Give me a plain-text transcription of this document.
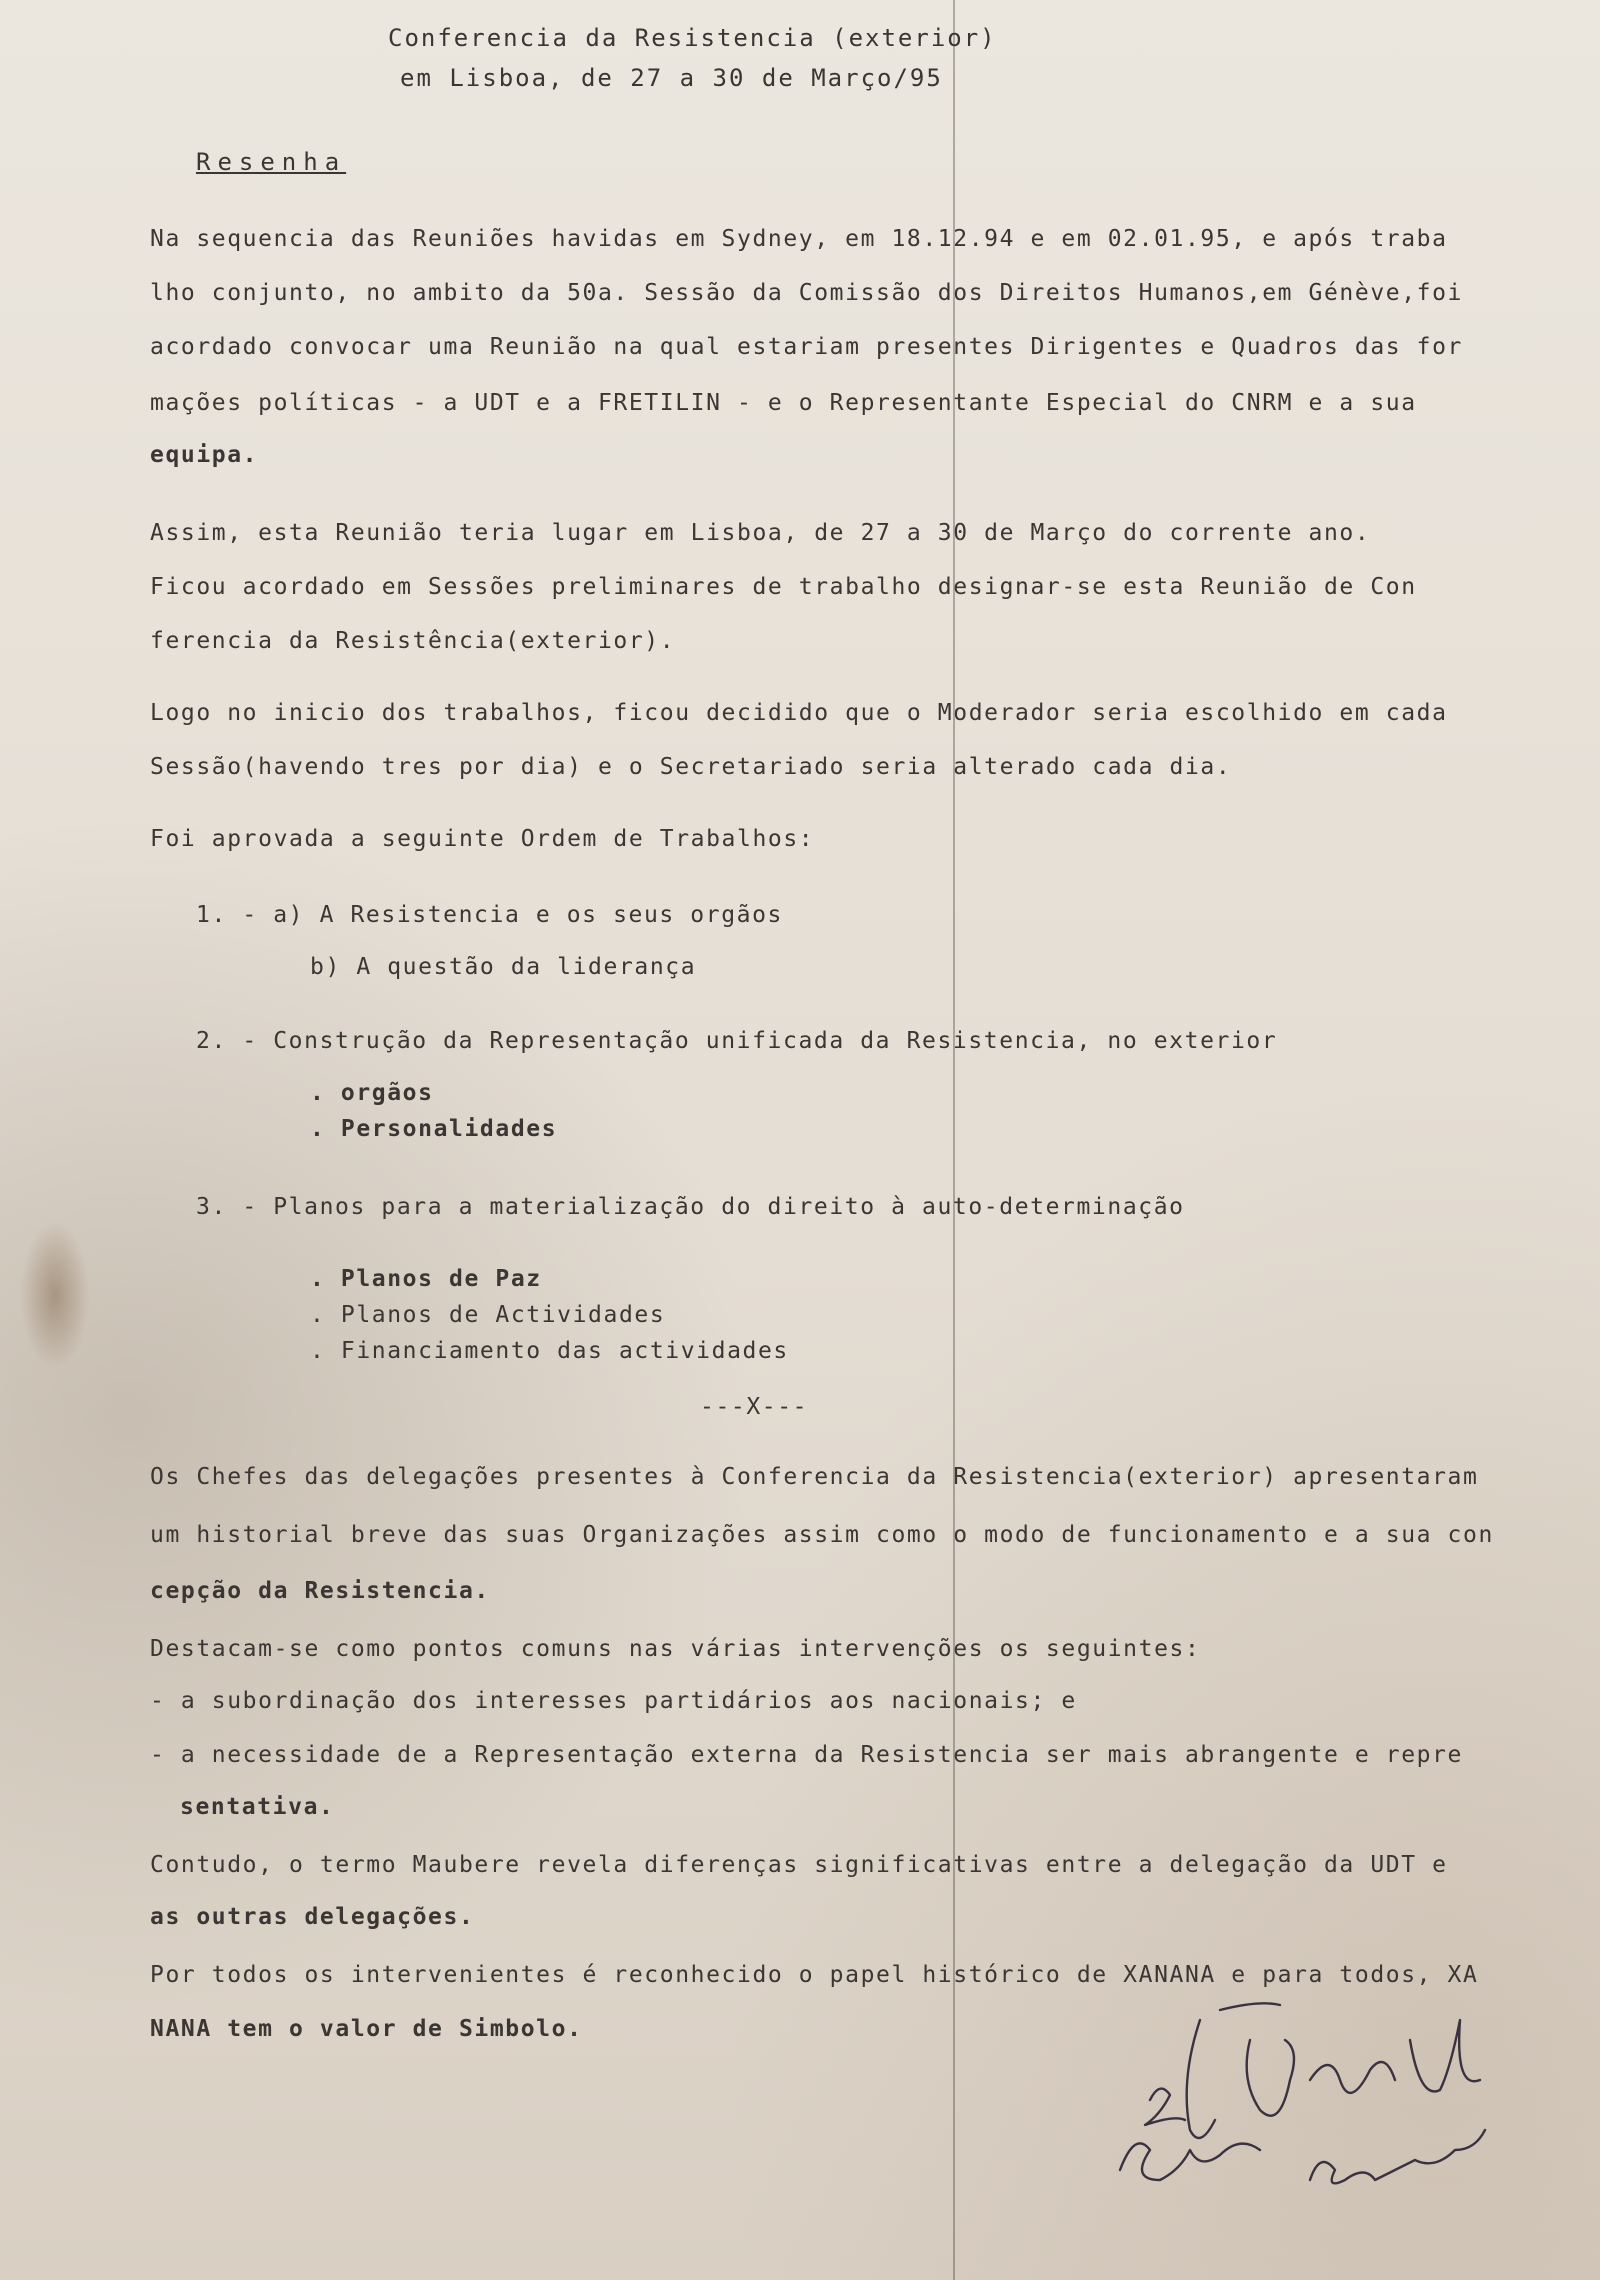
Conferencia da Resistencia (exterior)
em Lisboa, de 27 a 30 de Março/95
Resenha
Na sequencia das Reuniões havidas em Sydney, em 18.12.94 e em 02.01.95, e após traba
lho conjunto, no ambito da 50a. Sessão da Comissão dos Direitos Humanos,em Génève,foi
acordado convocar uma Reunião na qual estariam presentes Dirigentes e Quadros das for
mações políticas - a UDT e a FRETILIN - e o Representante Especial do CNRM e a sua
equipa.
Assim, esta Reunião teria lugar em Lisboa, de 27 a 30 de Março do corrente ano.
Ficou acordado em Sessões preliminares de trabalho designar-se esta Reunião de Con
ferencia da Resistência(exterior).
Logo no inicio dos trabalhos, ficou decidido que o Moderador seria escolhido em cada
Sessão(havendo tres por dia) e o Secretariado seria alterado cada dia.
Foi aprovada a seguinte Ordem de Trabalhos:
1. - a) A Resistencia e os seus orgãos
b) A questão da liderança
2. - Construção da Representação unificada da Resistencia, no exterior
. orgãos
. Personalidades
3. - Planos para a materialização do direito à auto-determinação
. Planos de Paz
. Planos de Actividades
. Financiamento das actividades
---X---
Os Chefes das delegações presentes à Conferencia da Resistencia(exterior) apresentaram
um historial breve das suas Organizações assim como o modo de funcionamento e a sua con
cepção da Resistencia.
Destacam-se como pontos comuns nas várias intervenções os seguintes:
- a subordinação dos interesses partidários aos nacionais; e
- a necessidade de a Representação externa da Resistencia ser mais abrangente e repre
sentativa.
Contudo, o termo Maubere revela diferenças significativas entre a delegação da UDT e
as outras delegações.
Por todos os intervenientes é reconhecido o papel histórico de XANANA e para todos, XA
NANA tem o valor de Simbolo.
